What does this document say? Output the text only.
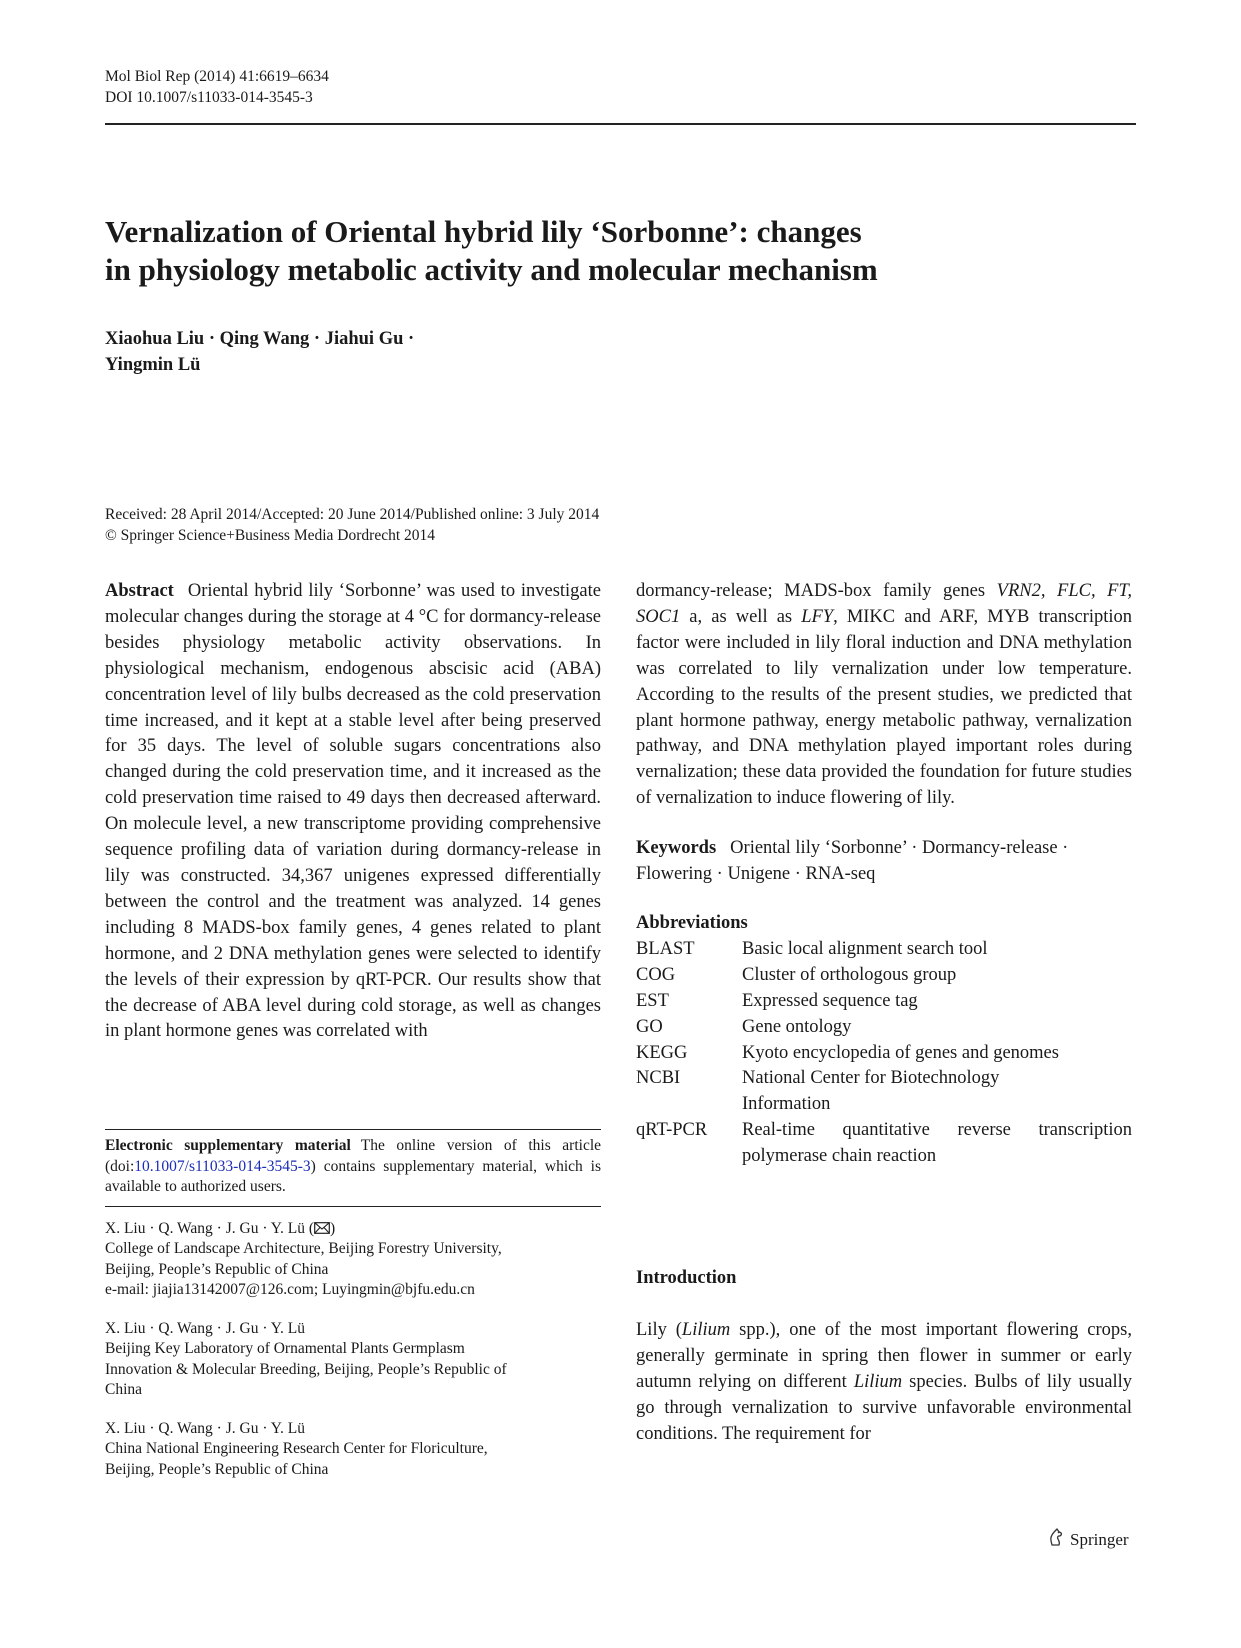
Mol Biol Rep (2014) 41:6619–6634
DOI 10.1007/s11033-014-3545-3
Vernalization of Oriental hybrid lily ‘Sorbonne’: changes
in physiology metabolic activity and molecular mechanism
Xiaohua Liu · Qing Wang · Jiahui Gu ·
Yingmin Lü
Received: 28 April 2014/Accepted: 20 June 2014/Published online: 3 July 2014
© Springer Science+Business Media Dordrecht 2014
Abstract Oriental hybrid lily ‘Sorbonne’ was used to investigate molecular changes during the storage at 4 °C for dormancy-release besides physiology metabolic activity observations. In physiological mechanism, endogenous abscisic acid (ABA) concentration level of lily bulbs decreased as the cold preservation time increased, and it kept at a stable level after being preserved for 35 days. The level of soluble sugars concentrations also changed during the cold preservation time, and it increased as the cold preservation time raised to 49 days then decreased afterward. On molecule level, a new transcriptome providing comprehensive sequence profiling data of variation during dormancy-release in lily was constructed. 34,367 unigenes expressed differentially between the control and the treatment was analyzed. 14 genes including 8 MADS-box family genes, 4 genes related to plant hormone, and 2 DNA methylation genes were selected to identify the levels of their expression by qRT-PCR. Our results show that the decrease of ABA level during cold storage, as well as changes in plant hormone genes was correlated with
Electronic supplementary material The online version of this article (doi:10.1007/s11033-014-3545-3) contains supplementary material, which is available to authorized users.
X. Liu · Q. Wang · J. Gu · Y. Lü ( )
College of Landscape Architecture, Beijing Forestry University,
Beijing, People’s Republic of China
e-mail: jiajia13142007@126.com; Luyingmin@bjfu.edu.cn
X. Liu · Q. Wang · J. Gu · Y. Lü
Beijing Key Laboratory of Ornamental Plants Germplasm
Innovation & Molecular Breeding, Beijing, People’s Republic of
China
X. Liu · Q. Wang · J. Gu · Y. Lü
China National Engineering Research Center for Floriculture,
Beijing, People’s Republic of China
dormancy-release; MADS-box family genes VRN2, FLC, FT, SOC1 a, as well as LFY, MIKC and ARF, MYB transcription factor were included in lily floral induction and DNA methylation was correlated to lily vernalization under low temperature. According to the results of the present studies, we predicted that plant hormone pathway, energy metabolic pathway, vernalization pathway, and DNA methylation played important roles during vernalization; these data provided the foundation for future studies of vernalization to induce flowering of lily.
Keywords Oriental lily ‘Sorbonne’ · Dormancy-release · Flowering · Unigene · RNA-seq
Abbreviations
BLAST	Basic local alignment search tool
COG	Cluster of orthologous group
EST	Expressed sequence tag
GO	Gene ontology
KEGG	Kyoto encyclopedia of genes and genomes
NCBI	National Center for Biotechnology Information
qRT-PCR	Real-time quantitative reverse transcription polymerase chain reaction
Introduction
Lily (Lilium spp.), one of the most important flowering crops, generally germinate in spring then flower in summer or early autumn relying on different Lilium species. Bulbs of lily usually go through vernalization to survive unfavorable environmental conditions. The requirement for
Springer
